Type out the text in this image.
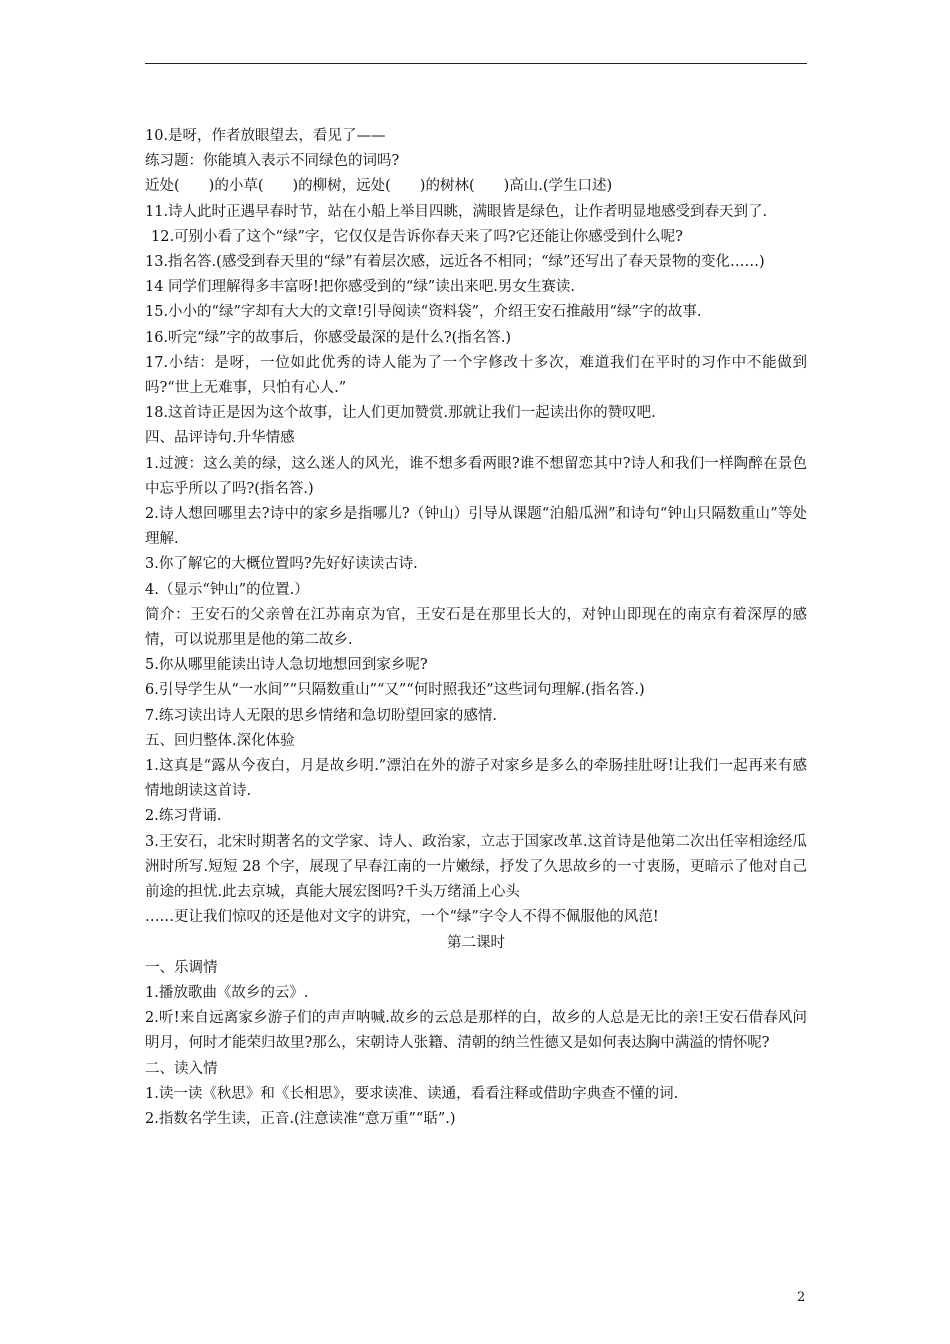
10.是呀，作者放眼望去，看见了——

练习题：你能填入表示不同绿色的词吗?

近处(　　)的小草(　　)的柳树，远处(　　)的树林(　　)高山.(学生口述)

11.诗人此时正遇早春时节，站在小船上举目四眺，满眼皆是绿色，让作者明显地感受到春天到了.

12.可别小看了这个“绿”字，它仅仅是告诉你春天来了吗?它还能让你感受到什么呢?

13.指名答.(感受到春天里的“绿”有着层次感，远近各不相同；“绿”还写出了春天景物的变化……)

14 同学们理解得多丰富呀!把你感受到的“绿”读出来吧.男女生赛读.

15.小小的“绿”字却有大大的文章!引导阅读“资料袋”，介绍王安石推敲用“绿”字的故事.

16.听完“绿”字的故事后，你感受最深的是什么?(指名答.)

17.小结：是呀，一位如此优秀的诗人能为了一个字修改十多次，难道我们在平时的习作中不能做到吗?“世上无难事，只怕有心人.”

18.这首诗正是因为这个故事，让人们更加赞赏.那就让我们一起读出你的赞叹吧.

四、品评诗句.升华情感

1.过渡：这么美的绿，这么迷人的风光，谁不想多看两眼?谁不想留恋其中?诗人和我们一样陶醉在景色中忘乎所以了吗?(指名答.)

2.诗人想回哪里去?诗中的家乡是指哪儿?（钟山）引导从课题“泊船瓜洲”和诗句“钟山只隔数重山”等处理解.

3.你了解它的大概位置吗?先好好读读古诗.

4.（显示“钟山”的位置.）

简介：王安石的父亲曾在江苏南京为官，王安石是在那里长大的，对钟山即现在的南京有着深厚的感情，可以说那里是他的第二故乡.

5.你从哪里能读出诗人急切地想回到家乡呢?

6.引导学生从“一水间”“只隔数重山”“又”“何时照我还”这些词句理解.(指名答.)

7.练习读出诗人无限的思乡情绪和急切盼望回家的感情.

五、回归整体.深化体验

1.这真是“露从今夜白，月是故乡明.”漂泊在外的游子对家乡是多么的牵肠挂肚呀!让我们一起再来有感情地朗读这首诗.

2.练习背诵.

3.王安石，北宋时期著名的文学家、诗人、政治家，立志于国家改革.这首诗是他第二次出任宰相途经瓜洲时所写.短短 28 个字，展现了早春江南的一片嫩绿，抒发了久思故乡的一寸衷肠，更暗示了他对自己前途的担忧.此去京城，真能大展宏图吗?千头万绪涌上心头

……更让我们惊叹的还是他对文字的讲究，一个“绿”字令人不得不佩服他的风范!

第二课时

一、乐调情

1.播放歌曲《故乡的云》.

2.听!来自远离家乡游子们的声声呐喊.故乡的云总是那样的白，故乡的人总是无比的亲!王安石借春风问明月，何时才能荣归故里?那么，宋朝诗人张籍、清朝的纳兰性德又是如何表达胸中满溢的情怀呢?

二、读入情

1.读一读《秋思》和《长相思》，要求读准、读通，看看注释或借助字典查不懂的词.

2.指数名学生读，正音.(注意读准“意万重”“聒”.)

2
